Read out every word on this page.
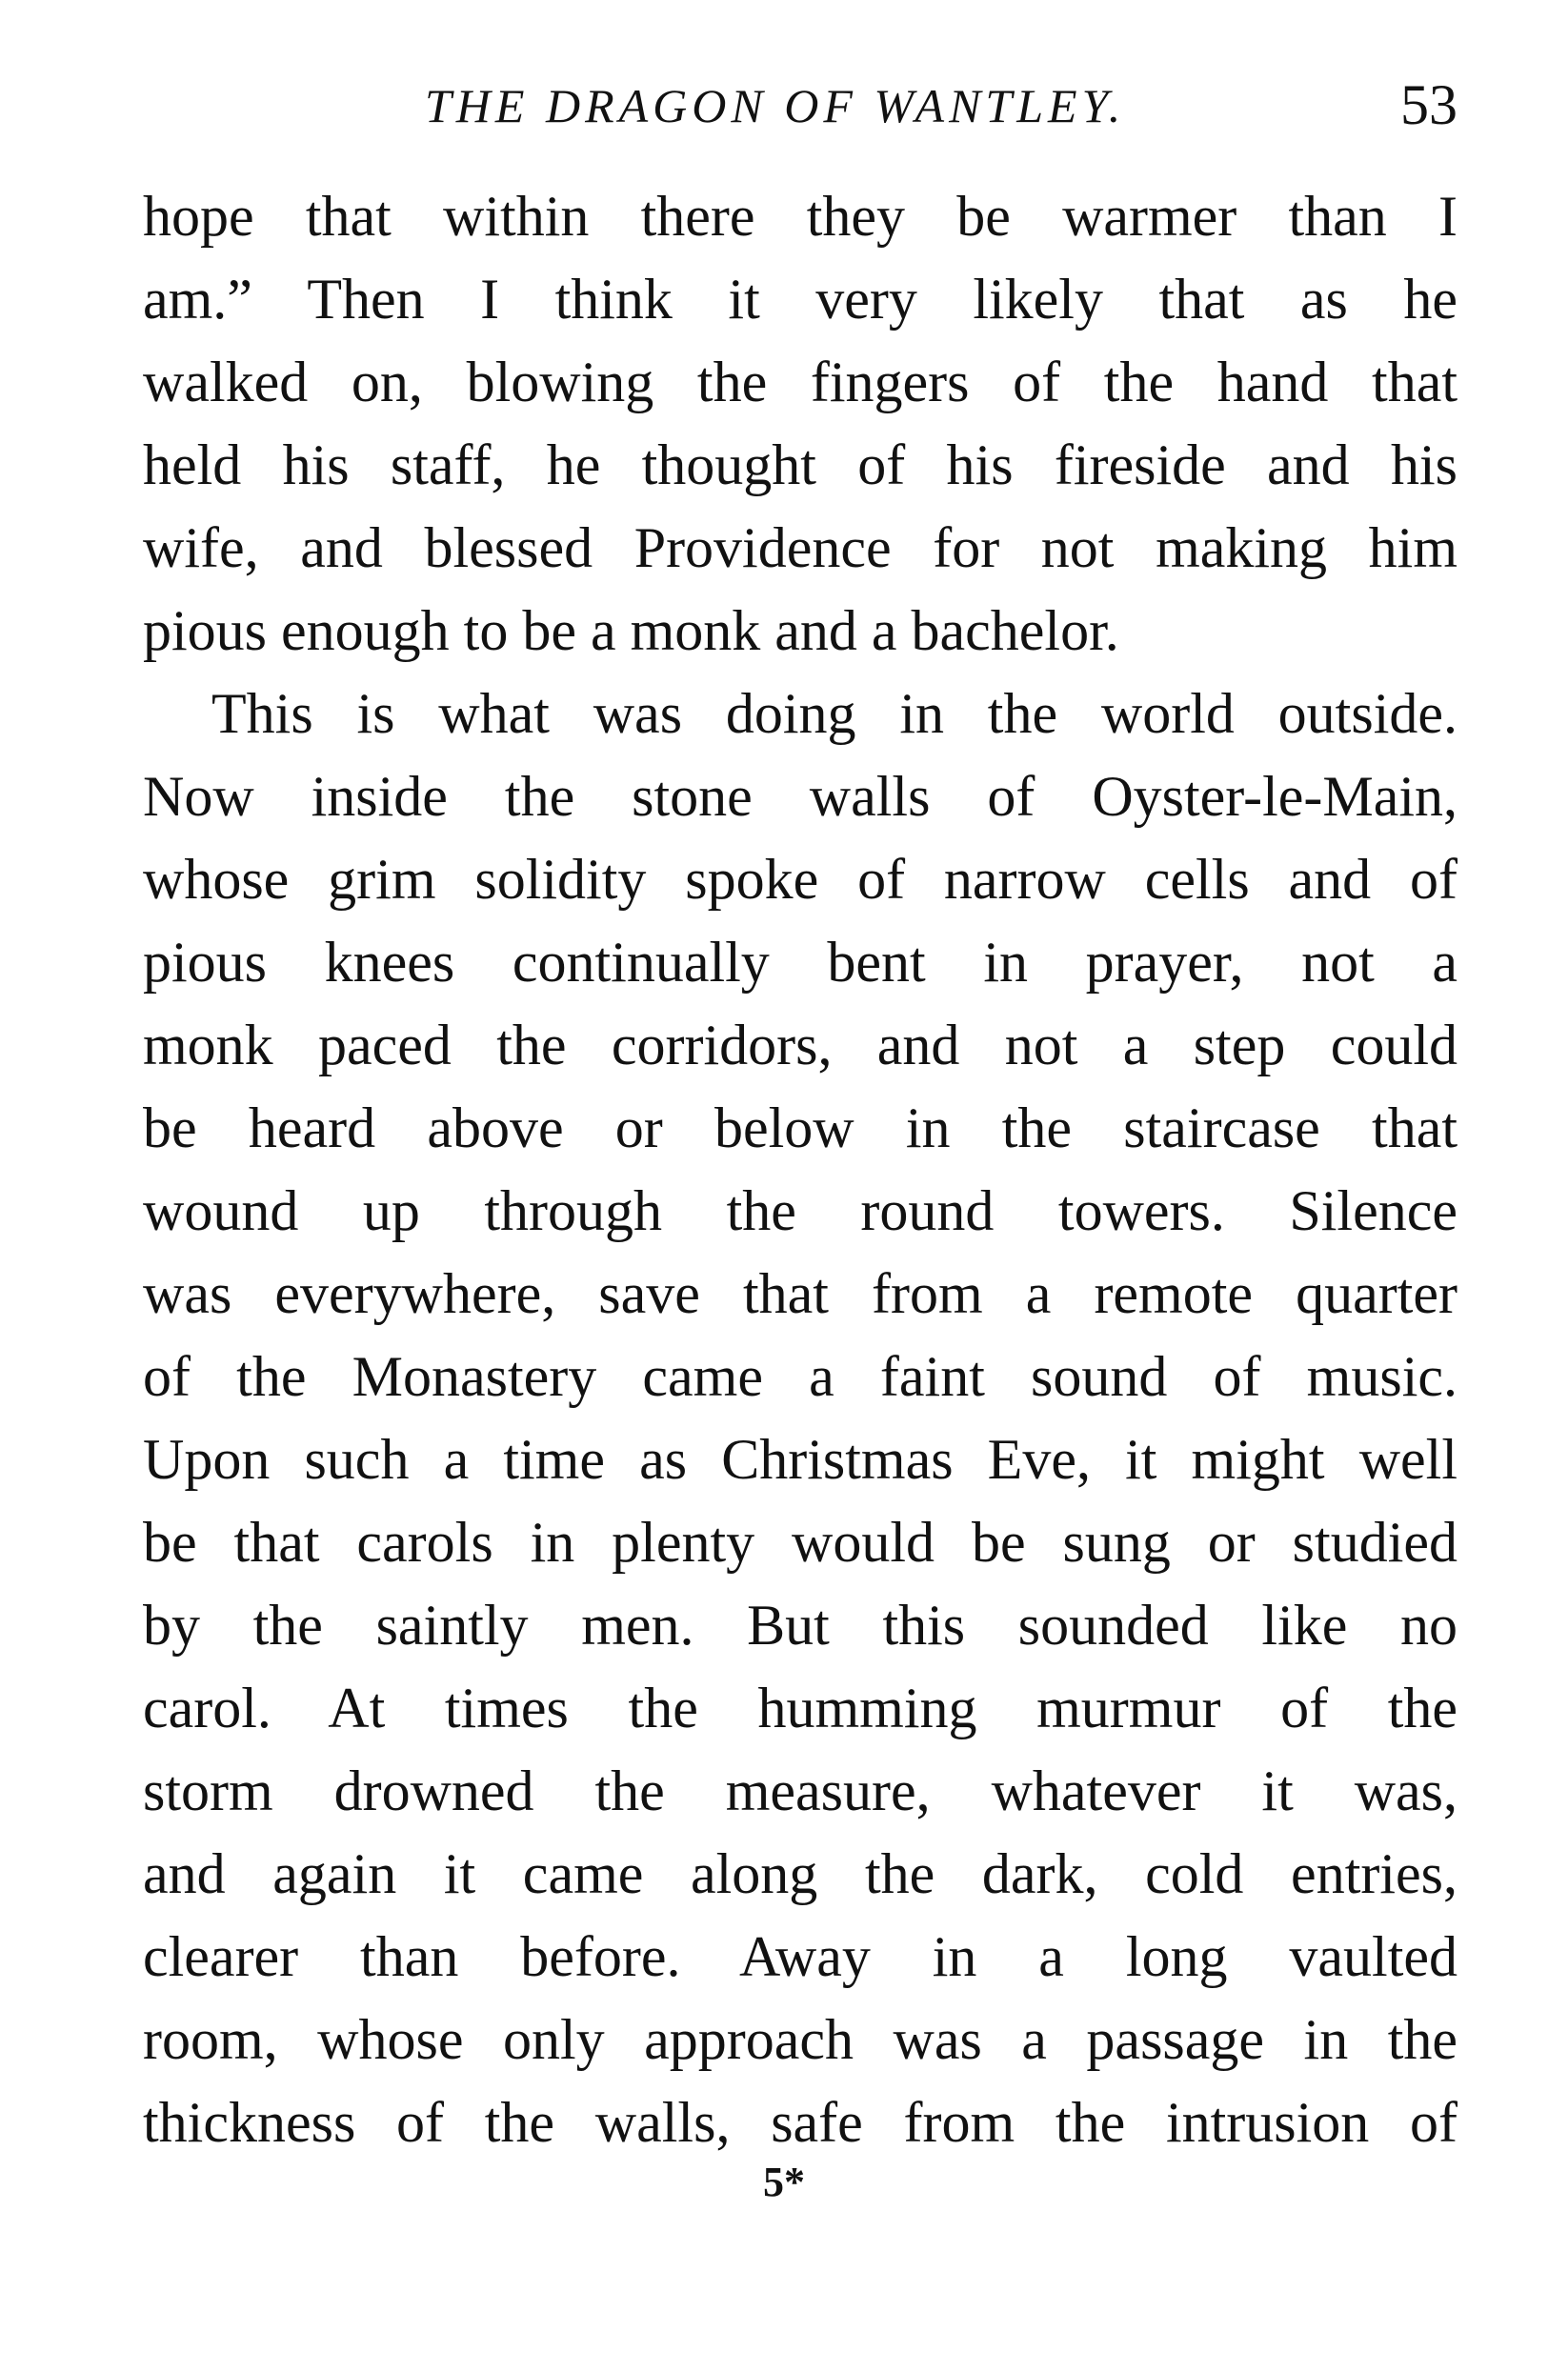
THE DRAGON OF WANTLEY.	53
hope that within there they be warmer than I
am.” Then I think it very likely that as he
walked on, blowing the fingers of the hand that
held his staff, he thought of his fireside and his
wife, and blessed Providence for not making him
pious enough to be a monk and a bachelor.
This is what was doing in the world outside.
Now inside the stone walls of Oyster-le-Main,
whose grim solidity spoke of narrow cells and of
pious knees continually bent in prayer, not a
monk paced the corridors, and not a step could
be heard above or below in the staircase that
wound up through the round towers. Silence
was everywhere, save that from a remote quarter
of the Monastery came a faint sound of music.
Upon such a time as Christmas Eve, it might well
be that carols in plenty would be sung or studied
by the saintly men. But this sounded like no
carol. At times the humming murmur of the
storm drowned the measure, whatever it was,
and again it came along the dark, cold entries,
clearer than before. Away in a long vaulted
room, whose only approach was a passage in the
thickness of the walls, safe from the intrusion of
5*
